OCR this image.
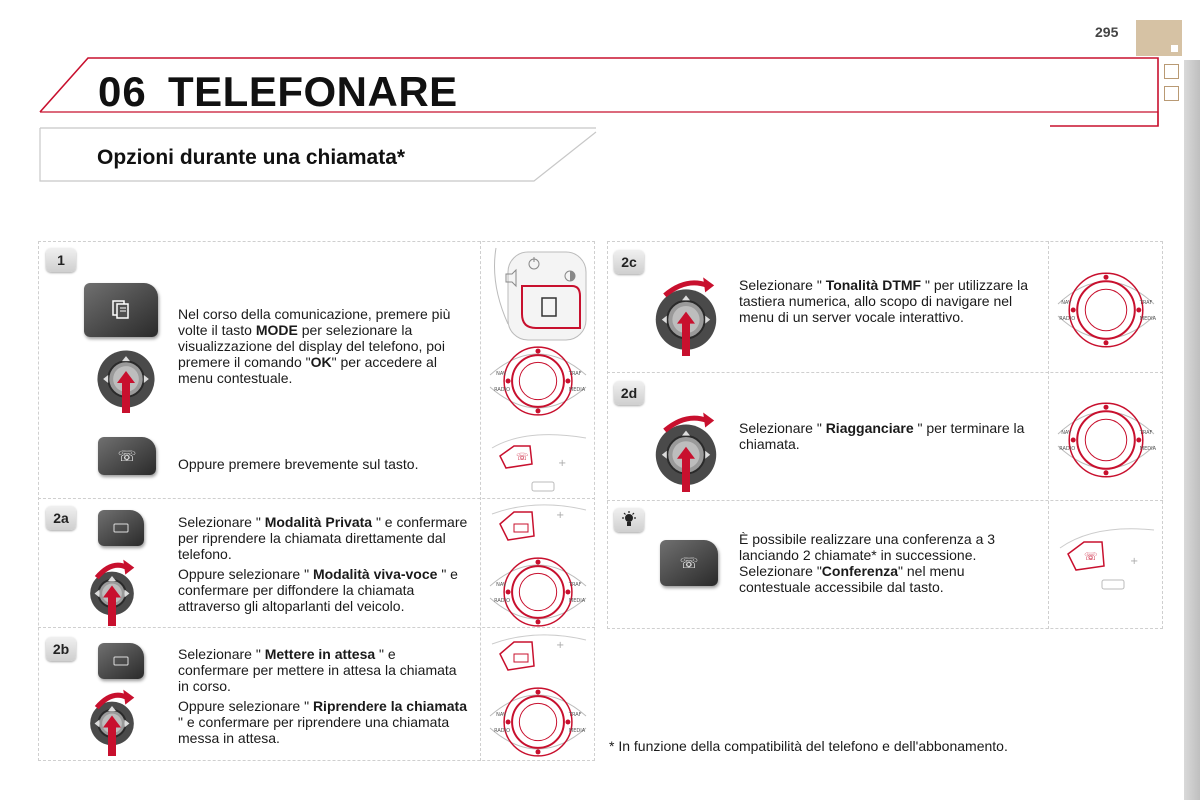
295
06 TELEFONARE
Opzioni durante una chiamata*
1
Nel corso della comunicazione, premere più volte il tasto MODE per selezionare la visualizzazione del display del telefono, poi premere il comando "OK" per accedere al menu contestuale.
☏	Oppure premere brevemente sul tasto.
NAV	TRAF
RADIO	MEDIA
☏
+
2a	Selezionare " Modalità Privata " e confermare per riprendere la chiamata direttamente dal telefono.
Oppure selezionare " Modalità viva-voce " e confermare per diffondere la chiamata attraverso gli altoparlanti del veicolo.
+
NAV	TRAF
RADIO	MEDIA
2b	Selezionare " Mettere in attesa " e confermare per mettere in attesa la chiamata in corso.
Oppure selezionare " Riprendere la chiamata " e confermare per riprendere una chiamata messa in attesa.
+
NAV	TRAF
RADIO	MEDIA
2c
Selezionare " Tonalità DTMF " per utilizzare la tastiera numerica, allo scopo di navigare nel menu di un server vocale interattivo.
NAV	TRAF
RADIO	MEDIA
2d
Selezionare " Riagganciare " per terminare la chiamata.
NAV	TRAF
RADIO	MEDIA
☏
È possibile realizzare una conferenza a 3 lanciando 2 chiamate* in successione. Selezionare "Conferenza" nel menu contestuale accessibile dal tasto.
☏	+
* In funzione della compatibilità del telefono e dell'abbonamento.
